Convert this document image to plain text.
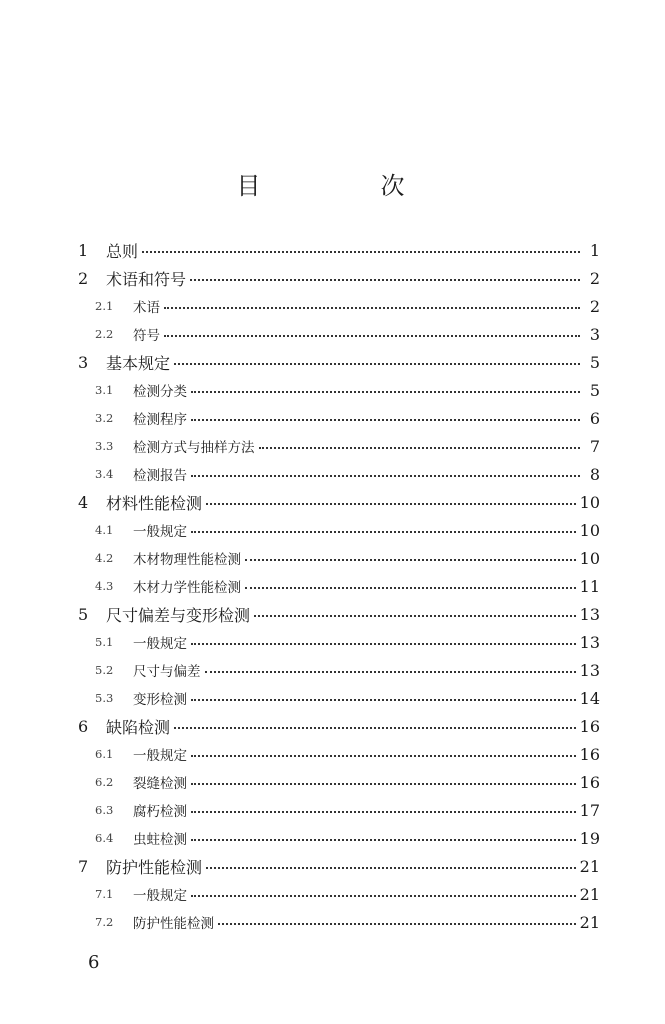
目　次
1	总则	1
2	术语和符号	2
2.1	术语	2
2.2	符号	3
3	基本规定	5
3.1	检测分类	5
3.2	检测程序	6
3.3	检测方式与抽样方法	7
3.4	检测报告	8
4	材料性能检测	10
4.1	一般规定	10
4.2	木材物理性能检测	10
4.3	木材力学性能检测	11
5	尺寸偏差与变形检测	13
5.1	一般规定	13
5.2	尺寸与偏差	13
5.3	变形检测	14
6	缺陷检测	16
6.1	一般规定	16
6.2	裂缝检测	16
6.3	腐朽检测	17
6.4	虫蛀检测	19
7	防护性能检测	21
7.1	一般规定	21
7.2	防护性能检测	21
6
